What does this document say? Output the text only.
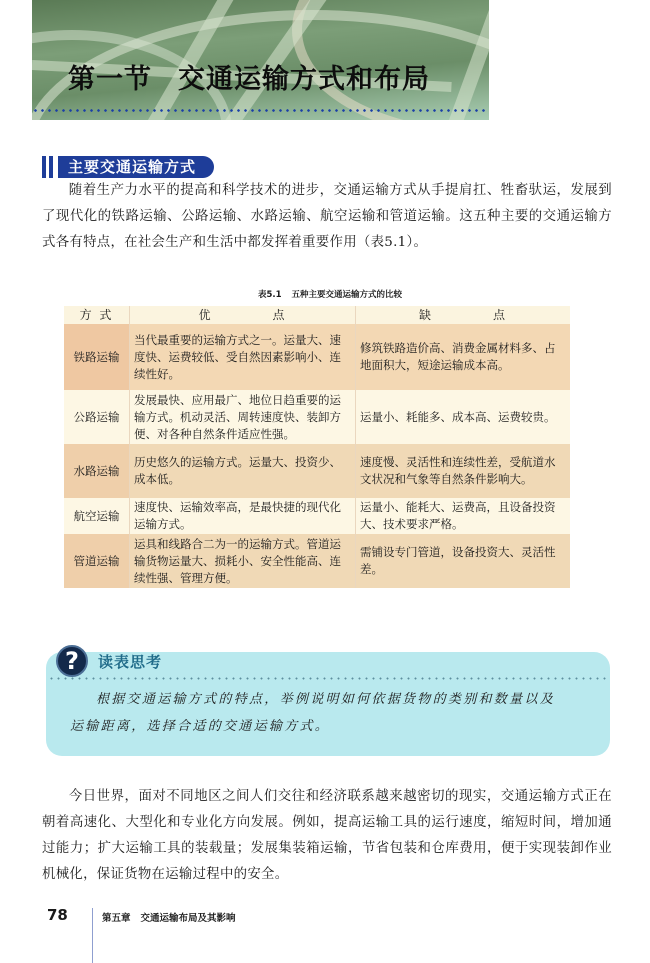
第一节 交通运输方式和布局
主要交通运输方式

随着生产力水平的提高和科学技术的进步，交通运输方式从手提肩扛、牲畜驮运，发展到了现代化的铁路运输、公路运输、水路运输、航空运输和管道运输。这五种主要的交通运输方式各有特点，在社会生产和生活中都发挥着重要作用（表5.1）。

表5.1 五种主要交通运输方式的比较
方 式	优 点	缺 点
铁路运输	当代最重要的运输方式之一。运量大、速度快、运费较低、受自然因素影响小、连续性好。	修筑铁路造价高、消费金属材料多、占地面积大，短途运输成本高。
公路运输	发展最快、应用最广、地位日趋重要的运输方式。机动灵活、周转速度快、装卸方便、对各种自然条件适应性强。	运量小、耗能多、成本高、运费较贵。
水路运输	历史悠久的运输方式。运量大、投资少、成本低。	速度慢、灵活性和连续性差，受航道水文状况和气象等自然条件影响大。
航空运输	速度快、运输效率高，是最快捷的现代化运输方式。	运量小、能耗大、运费高，且设备投资大、技术要求严格。
管道运输	运具和线路合二为一的运输方式。管道运输货物运量大、损耗小、安全性能高、连续性强、管理方便。	需铺设专门管道，设备投资大、灵活性差。
?	读表思考

根据交通运输方式的特点，举例说明如何依据货物的类别和数量以及运输距离，选择合适的交通运输方式。

今日世界，面对不同地区之间人们交往和经济联系越来越密切的现实，交通运输方式正在朝着高速化、大型化和专业化方向发展。例如，提高运输工具的运行速度，缩短时间，增加通过能力；扩大运输工具的装载量；发展集装箱运输，节省包装和仓库费用，便于实现装卸作业机械化，保证货物在运输过程中的安全。

78	第五章 交通运输布局及其影响
